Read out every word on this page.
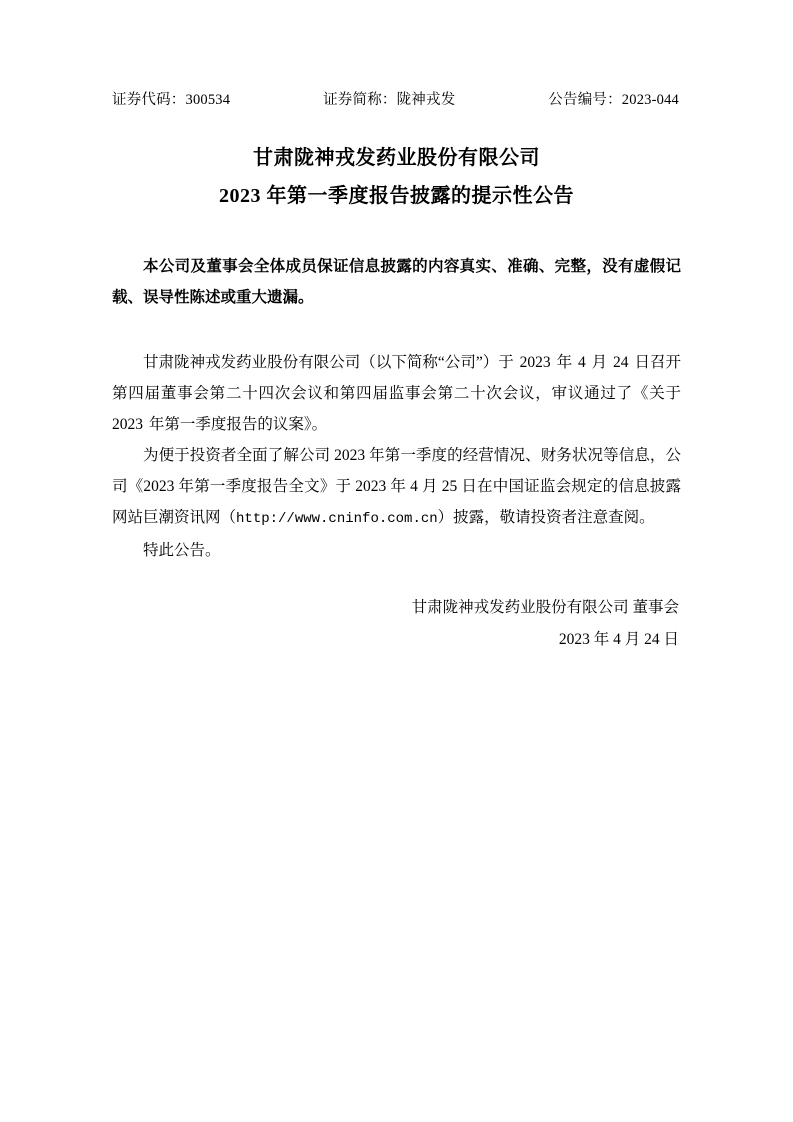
证券代码：300534	证券简称：陇神戎发	公告编号：2023-044
甘肃陇神戎发药业股份有限公司
2023 年第一季度报告披露的提示性公告

本公司及董事会全体成员保证信息披露的内容真实、准确、完整，没有虚假记载、误导性陈述或重大遗漏。

甘肃陇神戎发药业股份有限公司（以下简称“公司”）于 2023 年 4 月 24 日召开第四届董事会第二十四次会议和第四届监事会第二十次会议，审议通过了《关于 2023 年第一季度报告的议案》。

为便于投资者全面了解公司 2023 年第一季度的经营情况、财务状况等信息，公司《2023 年第一季度报告全文》于 2023 年 4 月 25 日在中国证监会规定的信息披露网站巨潮资讯网（http://www.cninfo.com.cn）披露，敬请投资者注意查阅。

特此公告。

甘肃陇神戎发药业股份有限公司 董事会
2023 年 4 月 24 日
